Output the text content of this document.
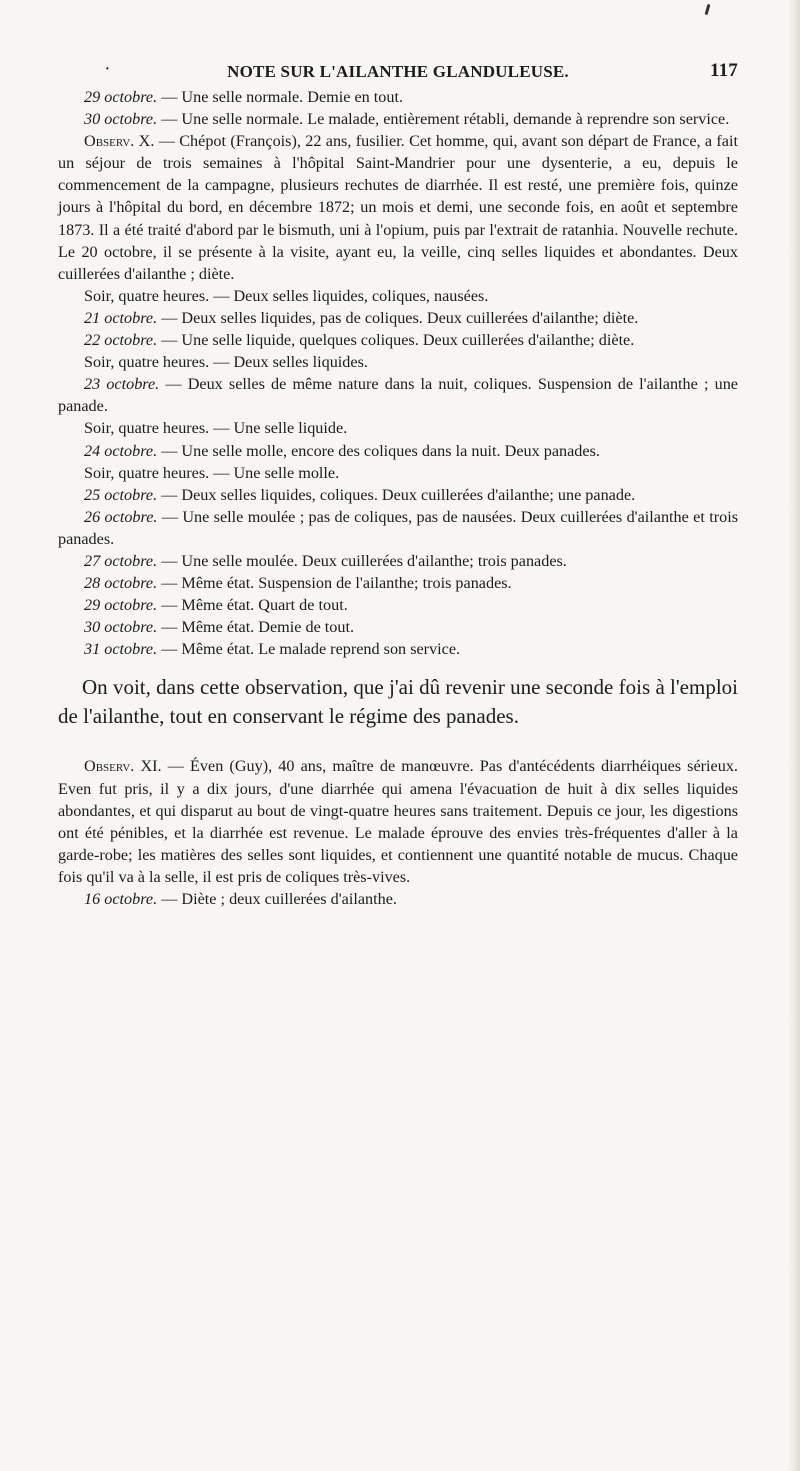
·	NOTE SUR L'AILANTHE GLANDULEUSE.	117

29 octobre. — Une selle normale. Demie en tout.

30 octobre. — Une selle normale. Le malade, entièrement rétabli, demande à reprendre son service.

Observ. X. — Chépot (François), 22 ans, fusilier. Cet homme, qui, avant son départ de France, a fait un séjour de trois semaines à l'hôpital Saint-Mandrier pour une dysenterie, a eu, depuis le commencement de la campagne, plusieurs rechutes de diarrhée. Il est resté, une première fois, quinze jours à l'hôpital du bord, en décembre 1872; un mois et demi, une seconde fois, en août et septembre 1873. Il a été traité d'abord par le bismuth, uni à l'opium, puis par l'extrait de ratanhia. Nouvelle rechute. Le 20 octobre, il se présente à la visite, ayant eu, la veille, cinq selles liquides et abondantes. Deux cuillerées d'ailanthe ; diète.

Soir, quatre heures. — Deux selles liquides, coliques, nausées.

21 octobre. — Deux selles liquides, pas de coliques. Deux cuillerées d'ailanthe; diète.

22 octobre. — Une selle liquide, quelques coliques. Deux cuillerées d'ailanthe; diète.

Soir, quatre heures. — Deux selles liquides.

23 octobre. — Deux selles de même nature dans la nuit, coliques. Suspension de l'ailanthe ; une panade.

Soir, quatre heures. — Une selle liquide.

24 octobre. — Une selle molle, encore des coliques dans la nuit. Deux panades.

Soir, quatre heures. — Une selle molle.

25 octobre. — Deux selles liquides, coliques. Deux cuillerées d'ailanthe; une panade.

26 octobre. — Une selle moulée ; pas de coliques, pas de nausées. Deux cuillerées d'ailanthe et trois panades.

27 octobre. — Une selle moulée. Deux cuillerées d'ailanthe; trois panades.

28 octobre. — Même état. Suspension de l'ailanthe; trois panades.

29 octobre. — Même état. Quart de tout.

30 octobre. — Même état. Demie de tout.

31 octobre. — Même état. Le malade reprend son service.

On voit, dans cette observation, que j'ai dû revenir une seconde fois à l'emploi de l'ailanthe, tout en conservant le régime des panades.

Observ. XI. — Éven (Guy), 40 ans, maître de manœuvre. Pas d'antécédents diarrhéiques sérieux. Even fut pris, il y a dix jours, d'une diarrhée qui amena l'évacuation de huit à dix selles liquides abondantes, et qui disparut au bout de vingt-quatre heures sans traitement. Depuis ce jour, les digestions ont été pénibles, et la diarrhée est revenue. Le malade éprouve des envies très-fréquentes d'aller à la garde-robe; les matières des selles sont liquides, et contiennent une quantité notable de mucus. Chaque fois qu'il va à la selle, il est pris de coliques très-vives.

16 octobre. — Diète ; deux cuillerées d'ailanthe.
